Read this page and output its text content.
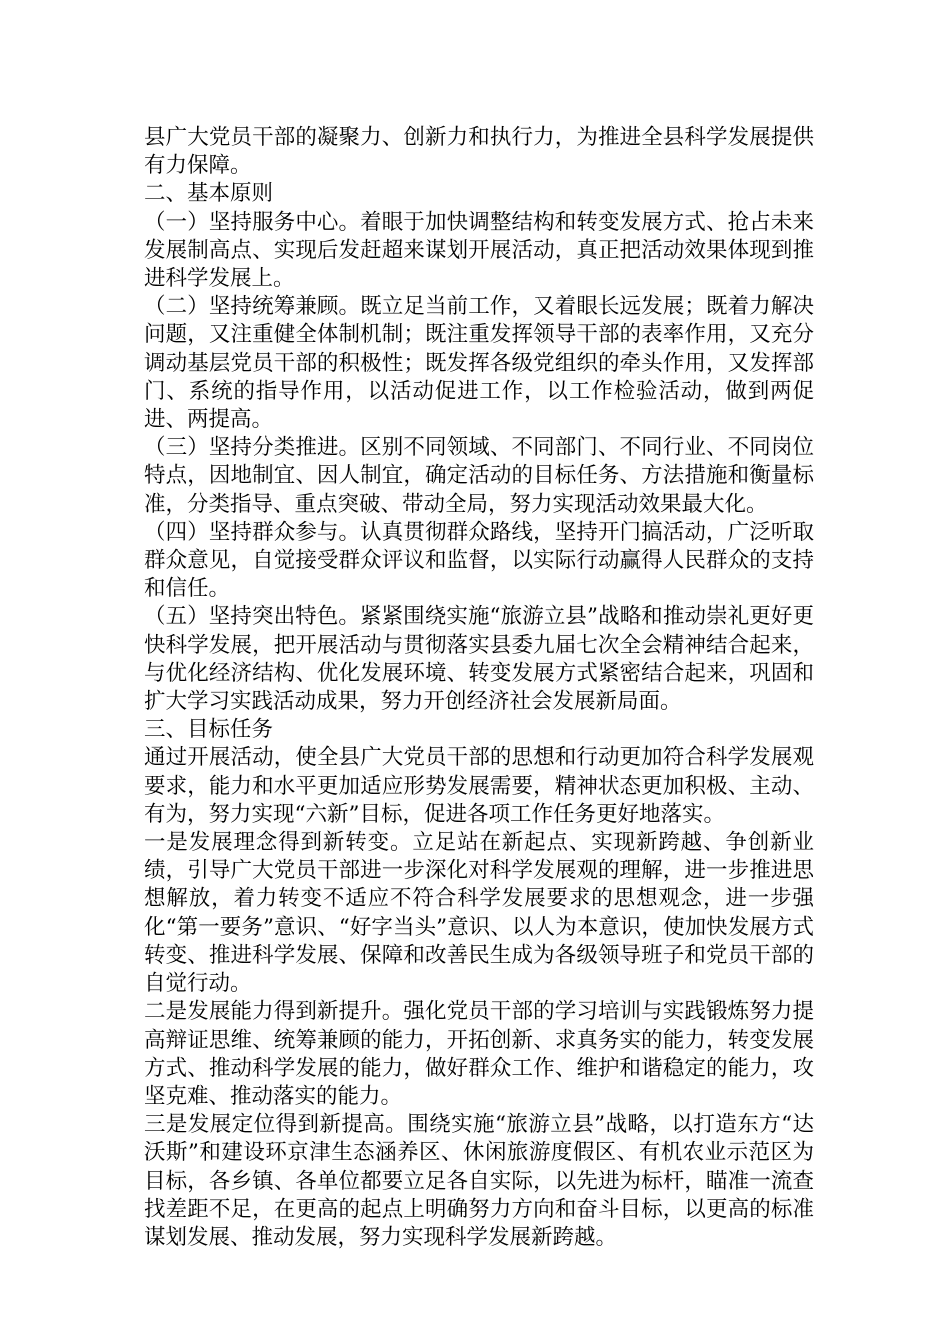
县广大党员干部的凝聚力、创新力和执行力，为推进全县科学发展提供有力保障。

二、基本原则

（一）坚持服务中心。着眼于加快调整结构和转变发展方式、抢占未来发展制高点、实现后发赶超来谋划开展活动，真正把活动效果体现到推进科学发展上。

（二）坚持统筹兼顾。既立足当前工作，又着眼长远发展；既着力解决问题，又注重健全体制机制；既注重发挥领导干部的表率作用，又充分调动基层党员干部的积极性；既发挥各级党组织的牵头作用，又发挥部门、系统的指导作用，以活动促进工作，以工作检验活动，做到两促进、两提高。

（三）坚持分类推进。区别不同领域、不同部门、不同行业、不同岗位特点，因地制宜、因人制宜，确定活动的目标任务、方法措施和衡量标准，分类指导、重点突破、带动全局，努力实现活动效果最大化。

（四）坚持群众参与。认真贯彻群众路线，坚持开门搞活动，广泛听取群众意见，自觉接受群众评议和监督，以实际行动赢得人民群众的支持和信任。

（五）坚持突出特色。紧紧围绕实施“旅游立县”战略和推动崇礼更好更快科学发展，把开展活动与贯彻落实县委九届七次全会精神结合起来，与优化经济结构、优化发展环境、转变发展方式紧密结合起来，巩固和扩大学习实践活动成果，努力开创经济社会发展新局面。

三、目标任务

通过开展活动，使全县广大党员干部的思想和行动更加符合科学发展观要求，能力和水平更加适应形势发展需要，精神状态更加积极、主动、有为，努力实现“六新”目标，促进各项工作任务更好地落实。

一是发展理念得到新转变。立足站在新起点、实现新跨越、争创新业绩，引导广大党员干部进一步深化对科学发展观的理解，进一步推进思想解放，着力转变不适应不符合科学发展要求的思想观念，进一步强化“第一要务”意识、“好字当头”意识、以人为本意识，使加快发展方式转变、推进科学发展、保障和改善民生成为各级领导班子和党员干部的自觉行动。

二是发展能力得到新提升。强化党员干部的学习培训与实践锻炼努力提高辩证思维、统筹兼顾的能力，开拓创新、求真务实的能力，转变发展方式、推动科学发展的能力，做好群众工作、维护和谐稳定的能力，攻坚克难、推动落实的能力。

三是发展定位得到新提高。围绕实施“旅游立县”战略，以打造东方“达沃斯”和建设环京津生态涵养区、休闲旅游度假区、有机农业示范区为目标，各乡镇、各单位都要立足各自实际，以先进为标杆，瞄准一流查找差距不足，在更高的起点上明确努力方向和奋斗目标，以更高的标准谋划发展、推动发展，努力实现科学发展新跨越。
